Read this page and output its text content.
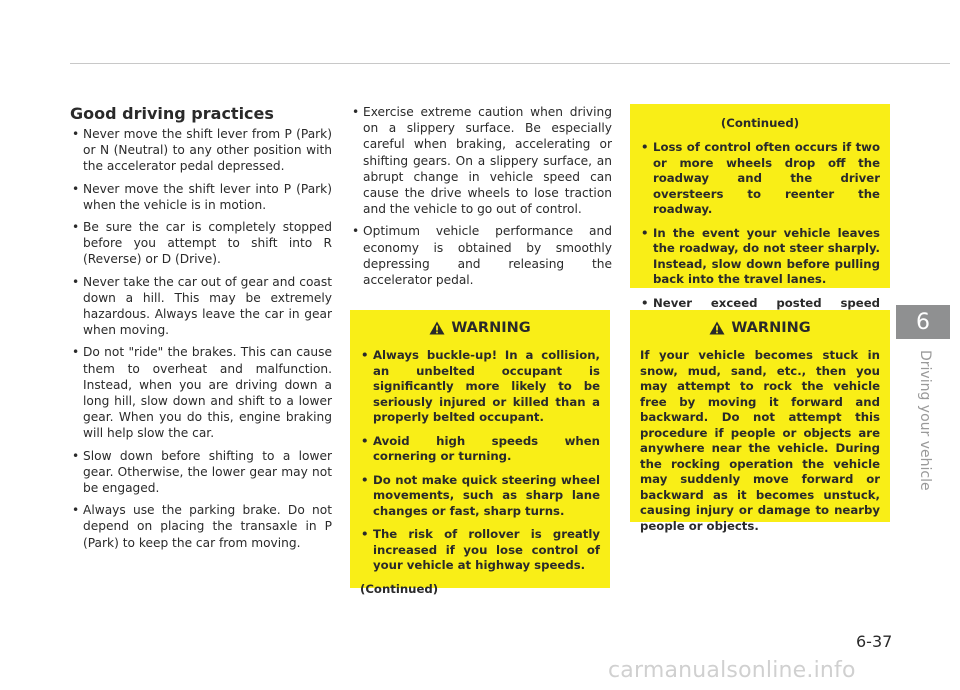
Good driving practices
• Never move the shift lever from P (Park) or N (Neutral) to any other position with the accelerator pedal depressed.
• Never move the shift lever into P (Park) when the vehicle is in motion.
• Be sure the car is completely stopped before you attempt to shift into R (Reverse) or D (Drive).
• Never take the car out of gear and coast down a hill. This may be extremely hazardous. Always leave the car in gear when moving.
• Do not "ride" the brakes. This can cause them to overheat and malfunction. Instead, when you are driving down a long hill, slow down and shift to a lower gear. When you do this, engine braking will help slow the car.
• Slow down before shifting to a lower gear. Otherwise, the lower gear may not be engaged.
• Always use the parking brake. Do not depend on placing the transaxle in P (Park) to keep the car from moving.
• Exercise extreme caution when driving on a slippery surface. Be especially careful when braking, accelerating or shifting gears. On a slippery surface, an abrupt change in vehicle speed can cause the drive wheels to lose traction and the vehicle to go out of control.
• Optimum vehicle performance and economy is obtained by smoothly depressing and releasing the accelerator pedal.
WARNING
• Always buckle-up! In a collision, an unbelted occupant is significantly more likely to be seriously injured or killed than a properly belted occupant.
• Avoid high speeds when cornering or turning.
• Do not make quick steering wheel movements, such as sharp lane changes or fast, sharp turns.
• The risk of rollover is greatly increased if you lose control of your vehicle at highway speeds.
(Continued)
(Continued)
• Loss of control often occurs if two or more wheels drop off the roadway and the driver oversteers to reenter the roadway.
• In the event your vehicle leaves the roadway, do not steer sharply. Instead, slow down before pulling back into the travel lanes.
• Never exceed posted speed
WARNING

If your vehicle becomes stuck in snow, mud, sand, etc., then you may attempt to rock the vehicle free by moving it forward and backward. Do not attempt this procedure if people or objects are anywhere near the vehicle. During the rocking operation the vehicle may suddenly move forward or backward as it becomes unstuck, causing injury or damage to nearby people or objects.

6
Driving your vehicle
6-37
carmanualsonline.info
